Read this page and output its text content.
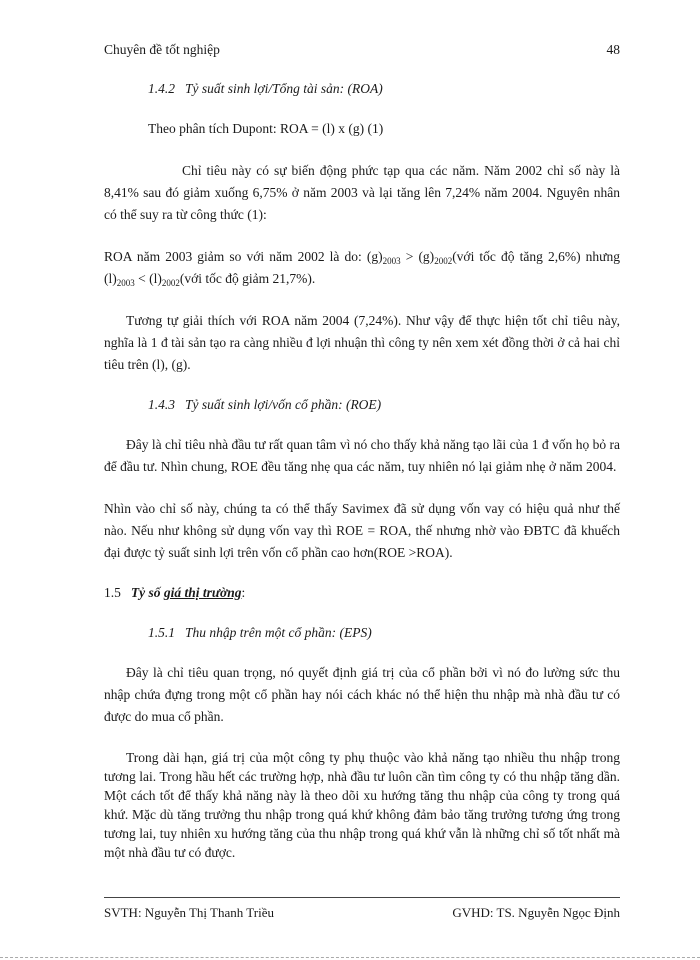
Chuyên đề tốt nghiệp	48
1.4.2 Tỷ suất sinh lợi/Tổng tài sản: (ROA)

Theo phân tích Dupont: ROA = (l) x (g) (1)

Chỉ tiêu này có sự biến động phức tạp qua các năm. Năm 2002 chỉ số này là 8,41% sau đó giảm xuống 6,75% ở năm 2003 và lại tăng lên 7,24% năm 2004. Nguyên nhân có thể suy ra từ công thức (1):

ROA năm 2003 giảm so với năm 2002 là do: $(g)_{2003}$ > $(g)_{2002}(với$ tốc độ tăng 2,6%) nhưng $(l)_{2003}$ < $(l)_{2002}(với$ tốc độ giảm 21,7%).

Tương tự giải thích với ROA năm 2004 (7,24%). Như vậy để thực hiện tốt chỉ tiêu này, nghĩa là 1 đ tài sản tạo ra càng nhiều đ lợi nhuận thì công ty nên xem xét đồng thời ở cả hai chỉ tiêu trên (l), (g).

1.4.3 Tỷ suất sinh lợi/vốn cổ phần: (ROE)

Đây là chỉ tiêu nhà đầu tư rất quan tâm vì nó cho thấy khả năng tạo lãi của 1 đ vốn họ bỏ ra để đầu tư. Nhìn chung, ROE đều tăng nhẹ qua các năm, tuy nhiên nó lại giảm nhẹ ở năm 2004.

Nhìn vào chỉ số này, chúng ta có thể thấy Savimex đã sử dụng vốn vay có hiệu quả như thế nào. Nếu như không sử dụng vốn vay thì ROE = ROA, thế nhưng nhờ vào ĐBTC đã khuếch đại được tỷ suất sinh lợi trên vốn cổ phần cao hơn(ROE >ROA).

1.5 Tỷ số giá thị trường:
1.5.1 Thu nhập trên một cổ phần: (EPS)

Đây là chỉ tiêu quan trọng, nó quyết định giá trị của cổ phần bởi vì nó đo lường sức thu nhập chứa đựng trong một cổ phần hay nói cách khác nó thể hiện thu nhập mà nhà đầu tư có được do mua cổ phần.

Trong dài hạn, giá trị của một công ty phụ thuộc vào khả năng tạo nhiều thu nhập trong tương lai. Trong hầu hết các trường hợp, nhà đầu tư luôn cần tìm công ty có thu nhập tăng dần. Một cách tốt để thấy khả năng này là theo dõi xu hướng tăng thu nhập của công ty trong quá khứ. Mặc dù tăng trưởng thu nhập trong quá khứ không đảm bảo tăng trưởng tương ứng trong tương lai, tuy nhiên xu hướng tăng của thu nhập trong quá khứ vẫn là những chỉ số tốt nhất mà một nhà đầu tư có được.

SVTH: Nguyễn Thị Thanh Triều	GVHD: TS. Nguyễn Ngọc Định
